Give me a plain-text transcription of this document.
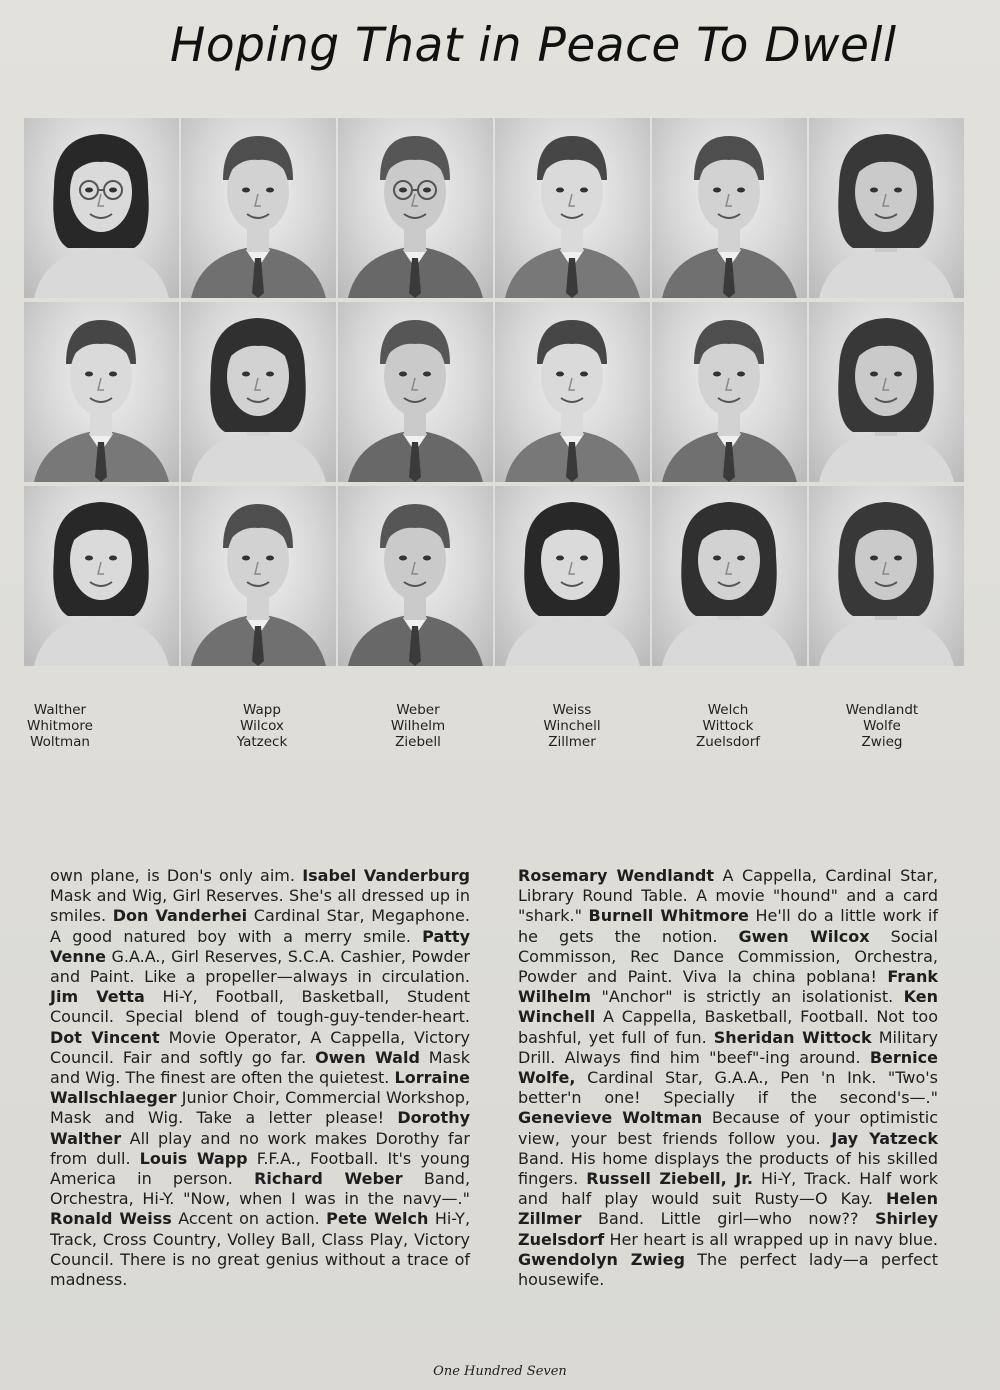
Hoping That in Peace To Dwell
Walther
Whitmore
Woltman
Wapp
Wilcox
Yatzeck
Weber
Wilhelm
Ziebell
Weiss
Winchell
Zillmer
Welch
Wittock
Zuelsdorf
Wendlandt
Wolfe
Zwieg

own plane, is Don's only aim. Isabel Vanderburg Mask and Wig, Girl Reserves. She's all dressed up in smiles. Don Vanderhei Cardinal Star, Megaphone. A good natured boy with a merry smile. Patty Venne G.A.A., Girl Reserves, S.C.A. Cashier, Powder and Paint. Like a propeller—always in circulation. Jim Vetta Hi-Y, Football, Basketball, Student Council. Special blend of tough-guy-tender-heart. Dot Vincent Movie Operator, A Cappella, Victory Council. Fair and softly go far. Owen Wald Mask and Wig. The finest are often the quietest. Lorraine Wallschlaeger Junior Choir, Commercial Workshop, Mask and Wig. Take a letter please! Dorothy Walther All play and no work makes Dorothy far from dull. Louis Wapp F.F.A., Football. It's young America in person. Richard Weber Band, Orchestra, Hi-Y. "Now, when I was in the navy—." Ronald Weiss Accent on action. Pete Welch Hi-Y, Track, Cross Country, Volley Ball, Class Play, Victory Council. There is no great genius without a trace of madness.

Rosemary Wendlandt A Cappella, Cardinal Star, Library Round Table. A movie "hound" and a card "shark." Burnell Whitmore He'll do a little work if he gets the notion. Gwen Wilcox Social Commisson, Rec Dance Commission, Orchestra, Powder and Paint. Viva la china poblana! Frank Wilhelm "Anchor" is strictly an isolationist. Ken Winchell A Cappella, Basketball, Football. Not too bashful, yet full of fun. Sheridan Wittock Military Drill. Always find him "beef"-ing around. Bernice Wolfe, Cardinal Star, G.A.A., Pen 'n Ink. "Two's better'n one! Specially if the second's—." Genevieve Woltman Because of your optimistic view, your best friends follow you. Jay Yatzeck Band. His home displays the products of his skilled fingers. Russell Ziebell, Jr. Hi-Y, Track. Half work and half play would suit Rusty—O Kay. Helen Zillmer Band. Little girl—who now?? Shirley Zuelsdorf Her heart is all wrapped up in navy blue. Gwendolyn Zwieg The perfect lady—a perfect housewife.

One Hundred Seven
